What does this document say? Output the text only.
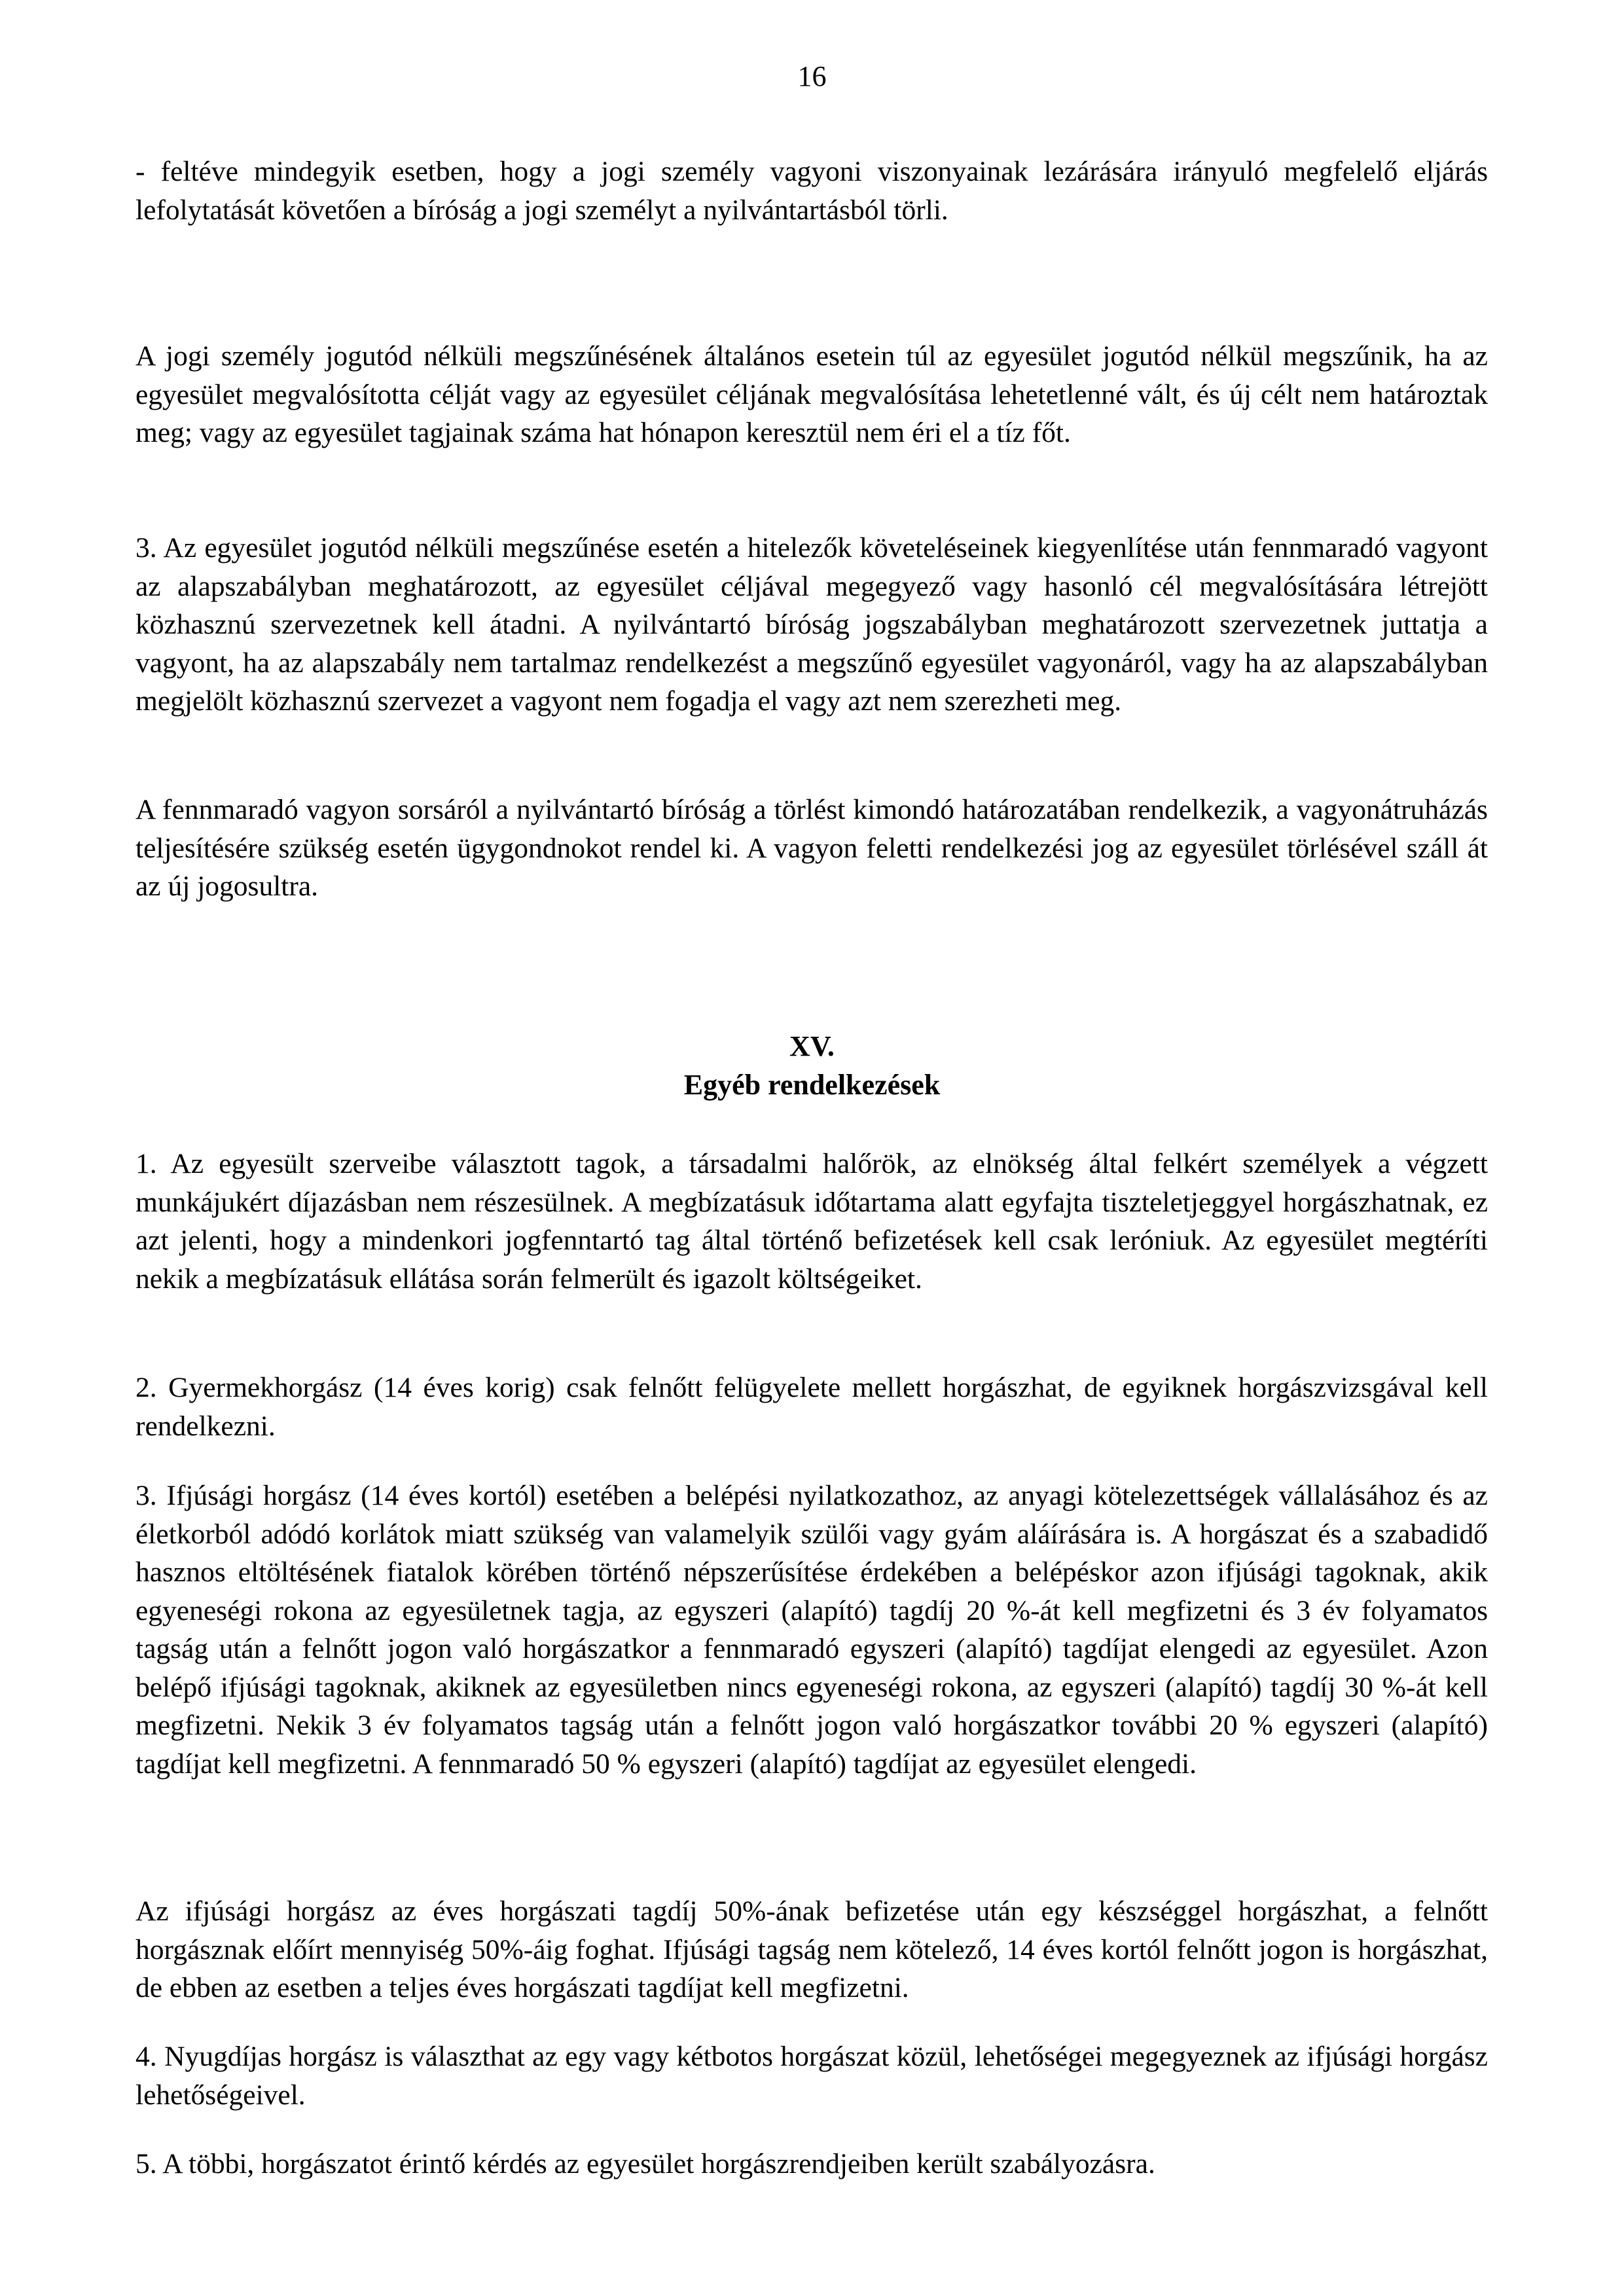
16

- feltéve mindegyik esetben, hogy a jogi személy vagyoni viszonyainak lezárására irányuló megfelelő eljárás lefolytatását követően a bíróság a jogi személyt a nyilvántartásból törli.

A jogi személy jogutód nélküli megszűnésének általános esetein túl az egyesület jogutód nélkül megszűnik, ha az egyesület megvalósította célját vagy az egyesület céljának megvalósítása lehetetlenné vált, és új célt nem határoztak meg; vagy az egyesület tagjainak száma hat hónapon keresztül nem éri el a tíz főt.

3. Az egyesület jogutód nélküli megszűnése esetén a hitelezők követeléseinek kiegyenlítése után fennmaradó vagyont az alapszabályban meghatározott, az egyesület céljával megegyező vagy hasonló cél megvalósítására létrejött közhasznú szervezetnek kell átadni. A nyilvántartó bíróság jogszabályban meghatározott szervezetnek juttatja a vagyont, ha az alapszabály nem tartalmaz rendelkezést a megszűnő egyesület vagyonáról, vagy ha az alapszabályban megjelölt közhasznú szervezet a vagyont nem fogadja el vagy azt nem szerezheti meg.

A fennmaradó vagyon sorsáról a nyilvántartó bíróság a törlést kimondó határozatában rendelkezik, a vagyonátruházás teljesítésére szükség esetén ügygondnokot rendel ki. A vagyon feletti rendelkezési jog az egyesület törlésével száll át az új jogosultra.

XV.
Egyéb rendelkezések

1. Az egyesült szerveibe választott tagok, a társadalmi halőrök, az elnökség által felkért személyek a végzett munkájukért díjazásban nem részesülnek. A megbízatásuk időtartama alatt egyfajta tiszteletjeggyel horgászhatnak, ez azt jelenti, hogy a mindenkori jogfenntartó tag által történő befizetések kell csak leróniuk. Az egyesület megtéríti nekik a megbízatásuk ellátása során felmerült és igazolt költségeiket.

2. Gyermekhorgász (14 éves korig) csak felnőtt felügyelete mellett horgászhat, de egyiknek horgászvizsgával kell rendelkezni.

3. Ifjúsági horgász (14 éves kortól) esetében a belépési nyilatkozathoz, az anyagi kötelezettségek vállalásához és az életkorból adódó korlátok miatt szükség van valamelyik szülői vagy gyám aláírására is. A horgászat és a szabadidő hasznos eltöltésének fiatalok körében történő népszerűsítése érdekében a belépéskor azon ifjúsági tagoknak, akik egyeneségi rokona az egyesületnek tagja, az egyszeri (alapító) tagdíj 20 %-át kell megfizetni és 3 év folyamatos tagság után a felnőtt jogon való horgászatkor a fennmaradó egyszeri (alapító) tagdíjat elengedi az egyesület. Azon belépő ifjúsági tagoknak, akiknek az egyesületben nincs egyeneségi rokona, az egyszeri (alapító) tagdíj 30 %-át kell megfizetni. Nekik 3 év folyamatos tagság után a felnőtt jogon való horgászatkor további 20 % egyszeri (alapító) tagdíjat kell megfizetni. A fennmaradó 50 % egyszeri (alapító) tagdíjat az egyesület elengedi.

Az ifjúsági horgász az éves horgászati tagdíj 50%-ának befizetése után egy készséggel horgászhat, a felnőtt horgásznak előírt mennyiség 50%-áig foghat. Ifjúsági tagság nem kötelező, 14 éves kortól felnőtt jogon is horgászhat, de ebben az esetben a teljes éves horgászati tagdíjat kell megfizetni.

4. Nyugdíjas horgász is választhat az egy vagy kétbotos horgászat közül, lehetőségei megegyeznek az ifjúsági horgász lehetőségeivel.

5. A többi, horgászatot érintő kérdés az egyesület horgászrendjeiben került szabályozásra.
